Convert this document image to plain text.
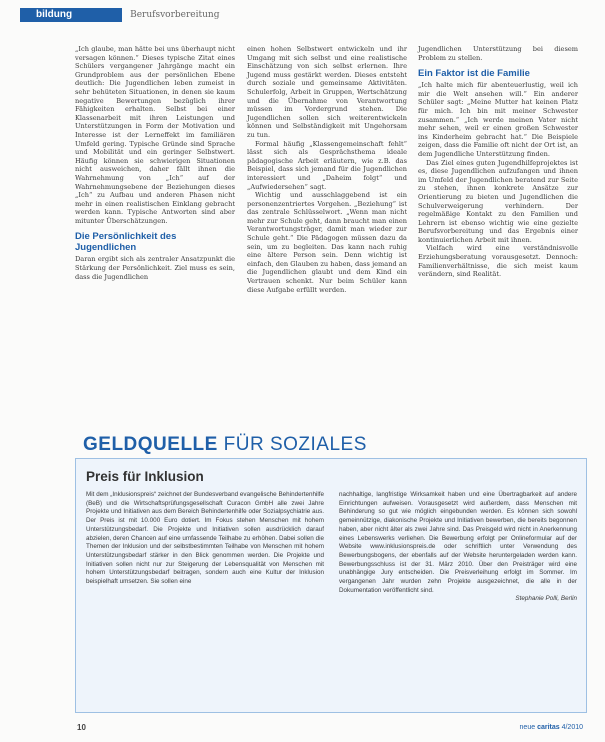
bildung	Berufsvorbereitung

„Ich glaube, man hätte bei uns überhaupt nicht versagen können.“ Dieses typische Zitat eines Schülers vergangener Jahrgänge macht ein Grundproblem aus der persönlichen Ebene deutlich: Die Jugendlichen leben zumeist in sehr behüteten Situationen, in denen sie kaum negative Bewertungen bezüglich ihrer Fähigkeiten erhalten. Selbst bei einer Klassenarbeit mit ihren Leistungen und Unterstützungen in Form der Motivation und Interesse ist der Lerneffekt im familiären Umfeld gering. Typische Gründe sind Sprache und Mobilität und ein geringer Selbstwert. Häufig können sie schwierigen Situationen nicht ausweichen, daher fällt ihnen die Wahrnehmung von „Ich“ auf der Wahrnehmungsebene der Beziehungen dieses „Ich“ zu Aufbau und anderen Phasen nicht mehr in einen realistischen Einklang gebracht werden kann. Typische Antworten sind aber mitunter Überschätzungen.

Die Persönlichkeit des Jugendlichen

Daran ergibt sich als zentraler Ansatzpunkt die Stärkung der Persönlichkeit. Ziel muss es sein, dass die Jugendlichen

einen hohen Selbstwert entwickeln und ihr Umgang mit sich selbst und eine realistische Einschätzung von sich selbst erlernen. Ihre Jugend muss gestärkt werden. Dieses entsteht durch soziale und gemeinsame Aktivitäten. Schulerfolg, Arbeit in Gruppen, Wertschätzung und die Übernahme von Verantwortung müssen im Vordergrund stehen. Die Jugendlichen sollen sich weiterentwickeln können und Selbständigkeit mit Ungehorsam zu tun.

Formal häufig „Klassengemeinschaft fehlt“ lässt sich als Gesprächsthema ideale pädagogische Arbeit erläutern, wie z.B. das Beispiel, dass sich jemand für die Jugendlichen interessiert und „Daheim folgt“ und „Aufwiedersehen“ sagt.

Wichtig und ausschlaggebend ist ein personenzentriertes Vorgehen. „Beziehung“ ist das zentrale Schlüsselwort. „Wenn man nicht mehr zur Schule geht, dann braucht man einen Verantwortungsträger, damit man wieder zur Schule geht.“ Die Pädagogen müssen dazu da sein, um zu begleiten. Das kann nach ruhig eine ältere Person sein. Denn wichtig ist einfach, den Glauben zu haben, dass jemand an die Jugendlichen glaubt und dem Kind ein Vertrauen schenkt. Nur beim Schüler kann diese Aufgabe erfüllt werden.

Jugendlichen Unterstützung bei diesem Problem zu stellen.

Ein Faktor ist die Familie

„Ich halte mich für abenteuerlustig, weil ich mir die Welt ansehen will.“ Ein anderer Schüler sagt: „Meine Mutter hat keinen Platz für mich. Ich bin mit meiner Schwester zusammen.“ „Ich werde meinen Vater nicht mehr sehen, weil er einen großen Schwester ins Kinderheim gebracht hat.“ Die Beispiele zeigen, dass die Familie oft nicht der Ort ist, an dem Jugendliche Unterstützung finden.

Das Ziel eines guten Jugendhilfeprojektes ist es, diese Jugendlichen aufzufangen und ihnen im Umfeld der Jugendlichen beratend zur Seite zu stehen, ihnen konkrete Ansätze zur Orientierung zu bieten und Jugendlichen die Schulverweigerung verhindern. Der regelmäßige Kontakt zu den Familien und Lehrern ist ebenso wichtig wie eine gezielte Berufsvorbereitung und das Ergebnis einer kontinuierlichen Arbeit mit ihnen.

Vielfach wird eine verständnisvolle Erziehungsberatung vorausgesetzt. Dennoch: Familienverhältnisse, die sich meist kaum verändern, sind Realität.

GELDQUELLE FÜR SOZIALES
Preis für Inklusion

Mit dem „Inklusionspreis“ zeichnet der Bundesverband evangelische Behindertenhilfe (BeB) und die Wirtschaftsprüfungsgesellschaft Curacon GmbH alle zwei Jahre Projekte und Initiativen aus dem Bereich Behindertenhilfe oder Sozialpsychiatrie aus. Der Preis ist mit 10.000 Euro dotiert. Im Fokus stehen Menschen mit hohem Unterstützungsbedarf. Die Projekte und Initiativen sollen ausdrücklich darauf abzielen, deren Chancen auf eine umfassende Teilhabe zu erhöhen. Dabei sollen die Themen der Inklusion und der selbstbestimmten Teilhabe von Menschen mit hohem Unterstützungsbedarf stärker in den Blick genommen werden. Die Projekte und Initiativen sollen nicht nur zur Steigerung der Lebensqualität von Menschen mit hohem Unterstützungsbedarf beitragen, sondern auch eine Kultur der Inklusion beispielhaft umsetzen. Sie sollen eine

nachhaltige, langfristige Wirksamkeit haben und eine Übertragbarkeit auf andere Einrichtungen aufweisen. Vorausgesetzt wird außerdem, dass Menschen mit Behinderung so gut wie möglich eingebunden werden. Es können sich sowohl gemeinnützige, diakonische Projekte und Initiativen bewerben, die bereits begonnen haben, aber nicht älter als zwei Jahre sind. Das Preisgeld wird nicht in Anerkennung eines Lebenswerks verliehen. Die Bewerbung erfolgt per Onlineformular auf der Website www.inklusionspreis.de oder schriftlich unter Verwendung des Bewerbungsbogens, der ebenfalls auf der Website heruntergeladen werden kann. Bewerbungsschluss ist der 31. März 2010. Über den Preisträger wird eine unabhängige Jury entscheiden. Die Preisverleihung erfolgt im Sommer. Im vergangenen Jahr wurden zehn Projekte ausgezeichnet, die alle in der Dokumentation veröffentlicht sind.

Stephanie Polli, Berlin
10	neue caritas 4/2010
